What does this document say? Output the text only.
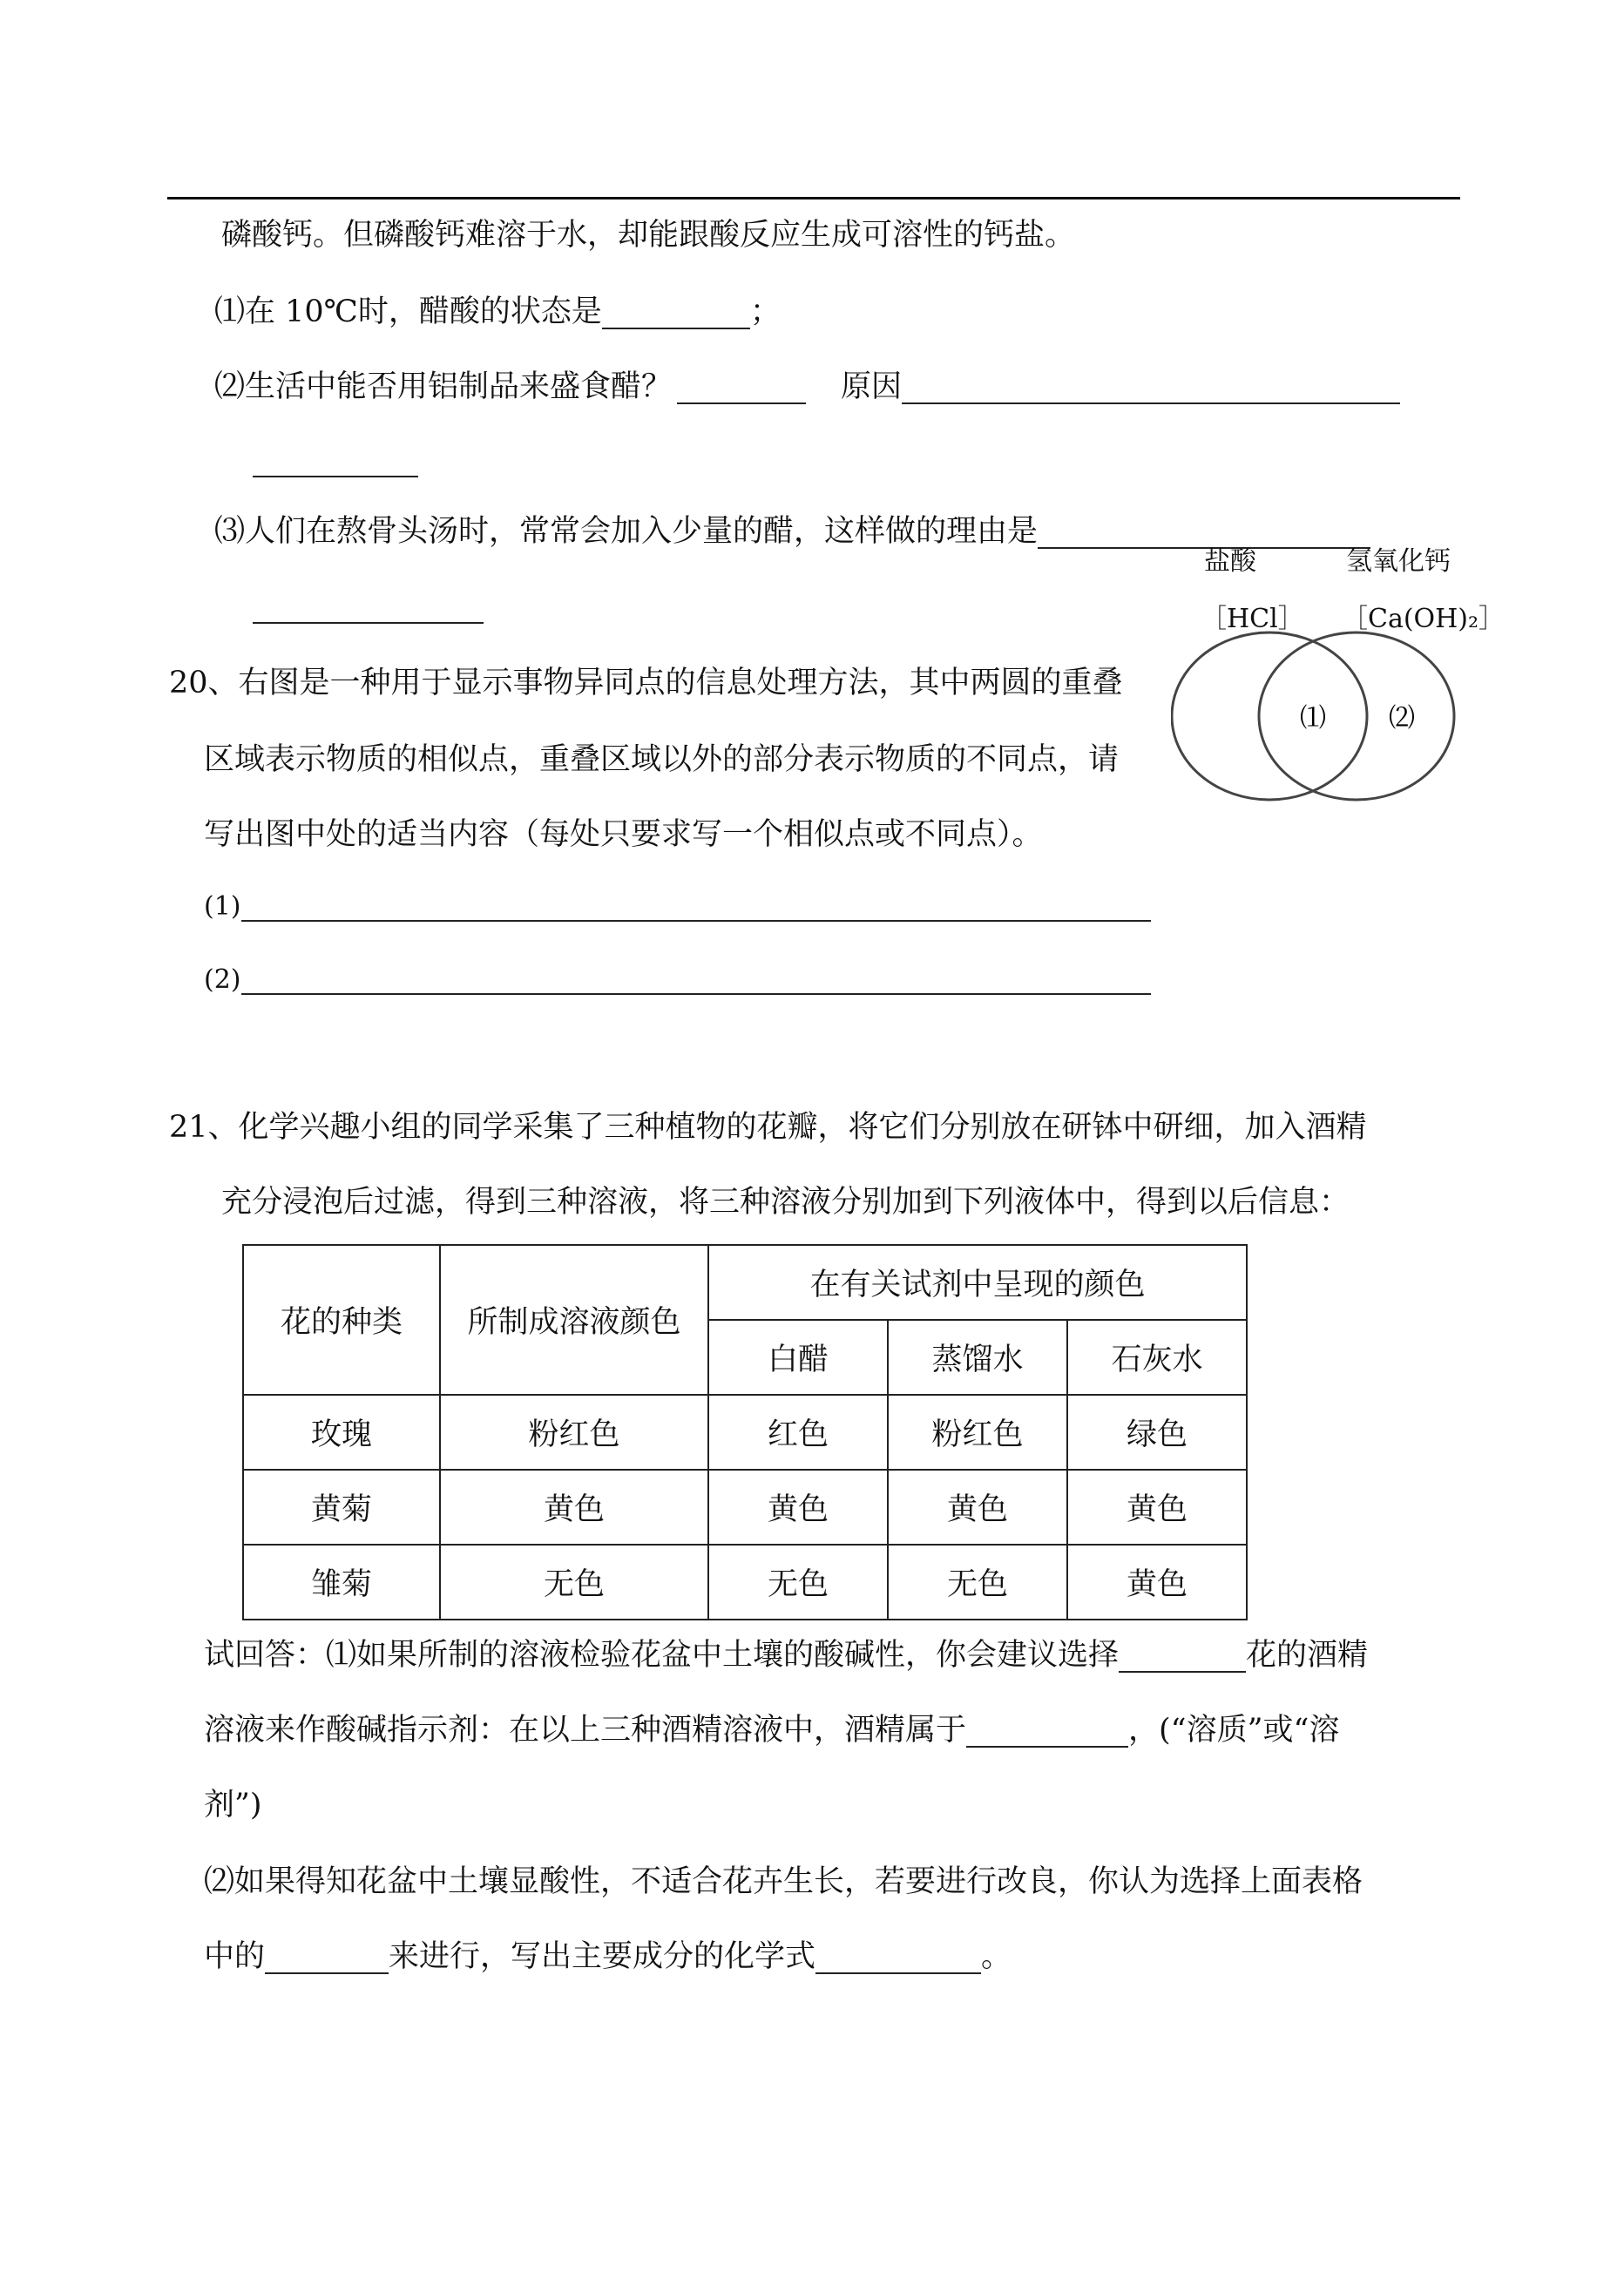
磷酸钙。但磷酸钙难溶于水，却能跟酸反应生成可溶性的钙盐。
⑴在 10℃时，醋酸的状态是	；
⑵生活中能否用铝制品来盛食醋？	原因
⑶人们在熬骨头汤时，常常会加入少量的醋，这样做的理由是
盐酸	氢氧化钙
［HCl］ ［Ca(OH)₂］
⑴ ⑵
20、右图是一种用于显示事物异同点的信息处理方法，其中两圆的重叠
区域表示物质的相似点，重叠区域以外的部分表示物质的不同点，请
写出图中处的适当内容（每处只要求写一个相似点或不同点）。
(1)
(2)
21、化学兴趣小组的同学采集了三种植物的花瓣，将它们分别放在研钵中研细，加入酒精
充分浸泡后过滤，得到三种溶液，将三种溶液分别加到下列液体中，得到以后信息：
花的种类	所制成溶液颜色	在有关试剂中呈现的颜色		
		白醋	蒸馏水	石灰水
玫瑰	粉红色	红色	粉红色	绿色
黄菊	黄色	黄色	黄色	黄色
雏菊	无色	无色	无色	黄色
试回答：⑴如果所制的溶液检验花盆中土壤的酸碱性，你会建议选择	花的酒精
溶液来作酸碱指示剂：在以上三种酒精溶液中，酒精属于	，(“溶质”或“溶
剂”)
⑵如果得知花盆中土壤显酸性，不适合花卉生长，若要进行改良，你认为选择上面表格
中的	来进行，写出主要成分的化学式	。
